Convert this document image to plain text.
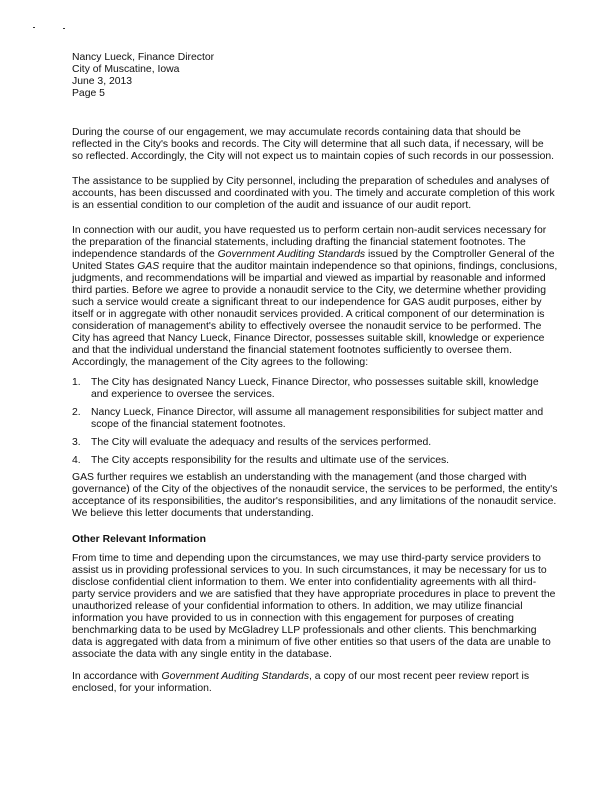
Nancy Lueck, Finance Director
City of Muscatine, Iowa
June 3, 2013
Page 5
During the course of our engagement, we may accumulate records containing data that should be
reflected in the City's books and records. The City will determine that all such data, if necessary, will be
so reflected. Accordingly, the City will not expect us to maintain copies of such records in our possession.
The assistance to be supplied by City personnel, including the preparation of schedules and analyses of
accounts, has been discussed and coordinated with you. The timely and accurate completion of this work
is an essential condition to our completion of the audit and issuance of our audit report.
In connection with our audit, you have requested us to perform certain non-audit services necessary for
the preparation of the financial statements, including drafting the financial statement footnotes. The
independence standards of the Government Auditing Standards issued by the Comptroller General of the
United States GAS require that the auditor maintain independence so that opinions, findings, conclusions,
judgments, and recommendations will be impartial and viewed as impartial by reasonable and informed
third parties. Before we agree to provide a nonaudit service to the City, we determine whether providing
such a service would create a significant threat to our independence for GAS audit purposes, either by
itself or in aggregate with other nonaudit services provided. A critical component of our determination is
consideration of management's ability to effectively oversee the nonaudit service to be performed. The
City has agreed that Nancy Lueck, Finance Director, possesses suitable skill, knowledge or experience
and that the individual understand the financial statement footnotes sufficiently to oversee them.
Accordingly, the management of the City agrees to the following:
1. The City has designated Nancy Lueck, Finance Director, who possesses suitable skill, knowledge
and experience to oversee the services.
2. Nancy Lueck, Finance Director, will assume all management responsibilities for subject matter and
scope of the financial statement footnotes.
3. The City will evaluate the adequacy and results of the services performed.
4. The City accepts responsibility for the results and ultimate use of the services.
GAS further requires we establish an understanding with the management (and those charged with
governance) of the City of the objectives of the nonaudit service, the services to be performed, the entity's
acceptance of its responsibilities, the auditor's responsibilities, and any limitations of the nonaudit service.
We believe this letter documents that understanding.
Other Relevant Information
From time to time and depending upon the circumstances, we may use third-party service providers to
assist us in providing professional services to you. In such circumstances, it may be necessary for us to
disclose confidential client information to them. We enter into confidentiality agreements with all third-
party service providers and we are satisfied that they have appropriate procedures in place to prevent the
unauthorized release of your confidential information to others. In addition, we may utilize financial
information you have provided to us in connection with this engagement for purposes of creating
benchmarking data to be used by McGladrey LLP professionals and other clients. This benchmarking
data is aggregated with data from a minimum of five other entities so that users of the data are unable to
associate the data with any single entity in the database.
In accordance with Government Auditing Standards, a copy of our most recent peer review report is
enclosed, for your information.
